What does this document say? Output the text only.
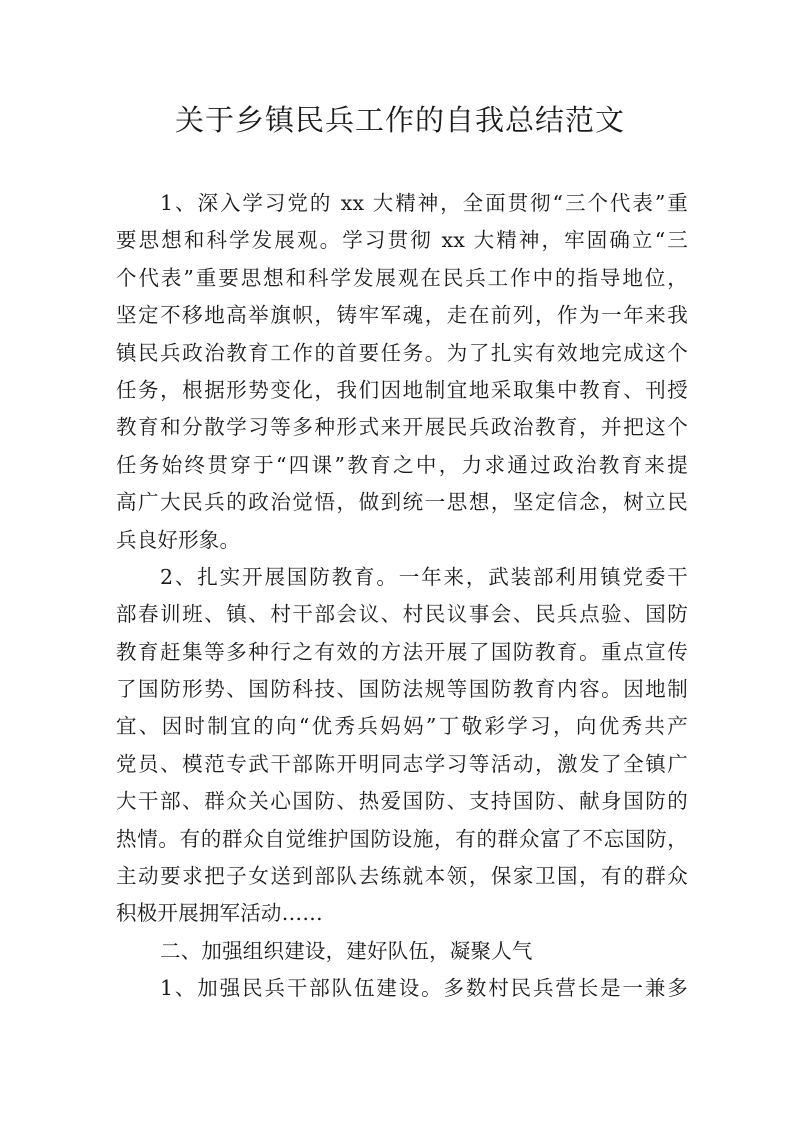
关于乡镇民兵工作的自我总结范文
1、深入学习党的 xx 大精神，全面贯彻“三个代表”重
要思想和科学发展观。学习贯彻 xx 大精神，牢固确立“三
个代表”重要思想和科学发展观在民兵工作中的指导地位，
坚定不移地高举旗帜，铸牢军魂，走在前列，作为一年来我
镇民兵政治教育工作的首要任务。为了扎实有效地完成这个
任务，根据形势变化，我们因地制宜地采取集中教育、刊授
教育和分散学习等多种形式来开展民兵政治教育，并把这个
任务始终贯穿于“四课”教育之中，力求通过政治教育来提
高广大民兵的政治觉悟，做到统一思想，坚定信念，树立民
兵良好形象。
2、扎实开展国防教育。一年来，武装部利用镇党委干
部春训班、镇、村干部会议、村民议事会、民兵点验、国防
教育赶集等多种行之有效的方法开展了国防教育。重点宣传
了国防形势、国防科技、国防法规等国防教育内容。因地制
宜、因时制宜的向“优秀兵妈妈”丁敬彩学习，向优秀共产
党员、模范专武干部陈开明同志学习等活动，激发了全镇广
大干部、群众关心国防、热爱国防、支持国防、献身国防的
热情。有的群众自觉维护国防设施，有的群众富了不忘国防，
主动要求把子女送到部队去练就本领，保家卫国，有的群众
积极开展拥军活动……
二、加强组织建设，建好队伍，凝聚人气
1、加强民兵干部队伍建设。多数村民兵营长是一兼多
